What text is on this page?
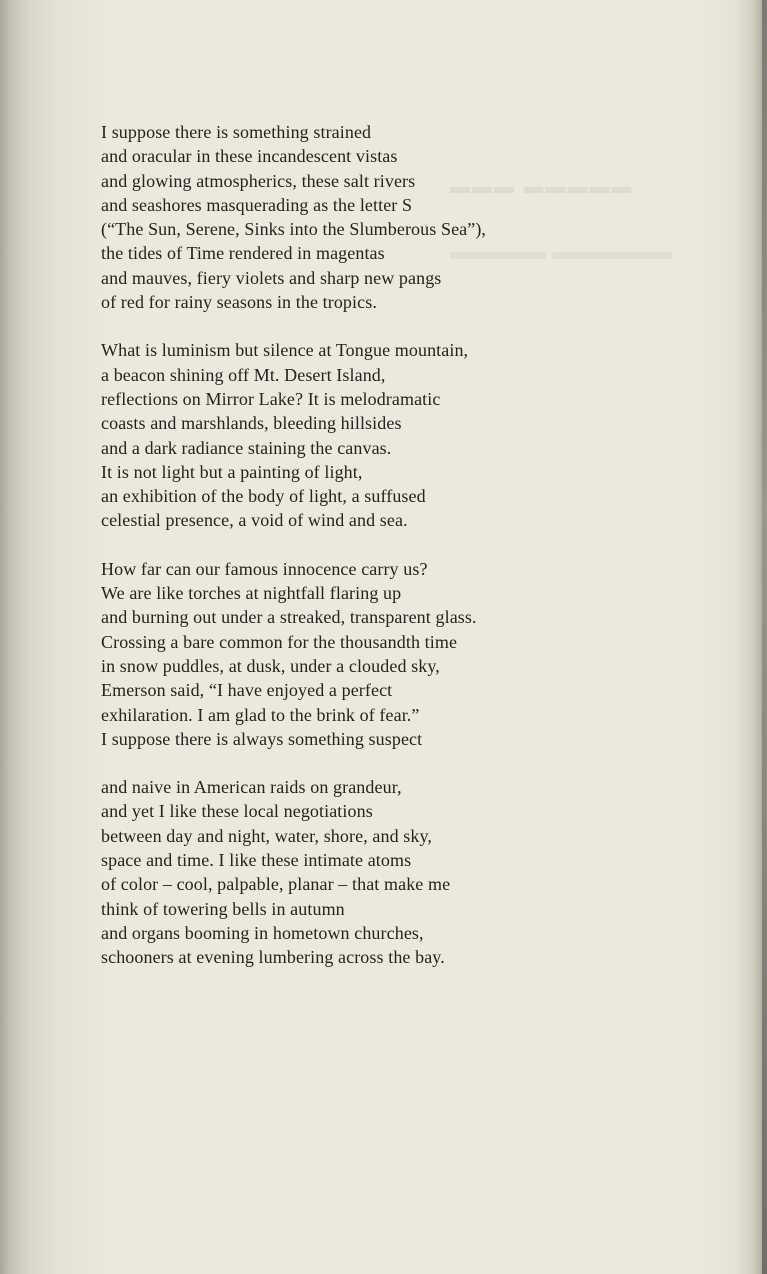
▬▬▬ ▬▬▬▬▬
▬▬▬▬ ▬▬▬▬▬
I suppose there is something strained
and oracular in these incandescent vistas
and glowing atmospherics, these salt rivers
and seashores masquerading as the letter S
(“The Sun, Serene, Sinks into the Slumberous Sea”),
the tides of Time rendered in magentas
and mauves, fiery violets and sharp new pangs
of red for rainy seasons in the tropics.
What is luminism but silence at Tongue mountain,
a beacon shining off Mt. Desert Island,
reflections on Mirror Lake? It is melodramatic
coasts and marshlands, bleeding hillsides
and a dark radiance staining the canvas.
It is not light but a painting of light,
an exhibition of the body of light, a suffused
celestial presence, a void of wind and sea.
How far can our famous innocence carry us?
We are like torches at nightfall flaring up
and burning out under a streaked, transparent glass.
Crossing a bare common for the thousandth time
in snow puddles, at dusk, under a clouded sky,
Emerson said, “I have enjoyed a perfect
exhilaration. I am glad to the brink of fear.”
I suppose there is always something suspect
and naive in American raids on grandeur,
and yet I like these local negotiations
between day and night, water, shore, and sky,
space and time. I like these intimate atoms
of color – cool, palpable, planar – that make me
think of towering bells in autumn
and organs booming in hometown churches,
schooners at evening lumbering across the bay.
